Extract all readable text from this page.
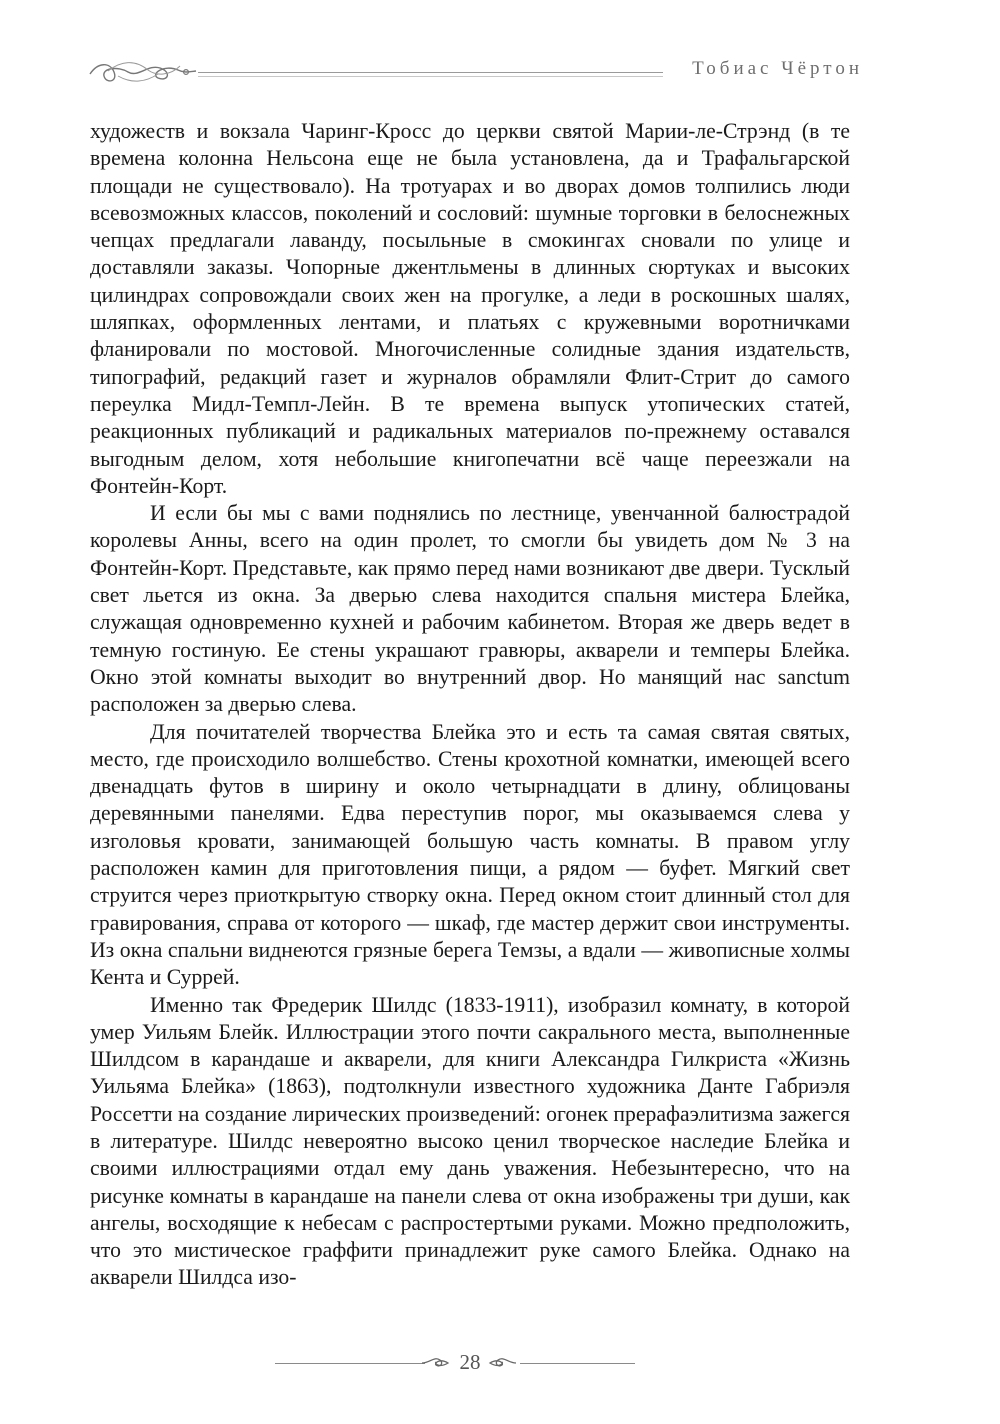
Тобиас Чёртон

художеств и вокзала Чаринг-Кросс до церкви святой Марии-ле-Стрэнд (в те времена колонна Нельсона еще не была установлена, да и Трафальгарской площади не существовало). На тротуарах и во дворах домов толпились люди всевозможных классов, поколений и сословий: шумные торговки в белоснежных чепцах предлагали лаванду, посыльные в смокингах сновали по улице и доставляли заказы. Чопорные джентльмены в длинных сюртуках и высоких цилиндрах сопровождали своих жен на прогулке, а леди в роскошных шалях, шляпках, оформленных лентами, и платьях с кружевными воротничками фланировали по мостовой. Многочисленные солидные здания издательств, типографий, редакций газет и журналов обрамляли Флит-Стрит до самого переулка Мидл-Темпл-Лейн. В те времена выпуск утопических статей, реакционных публикаций и радикальных материалов по-прежнему оставался выгодным делом, хотя небольшие книгопечатни всё чаще переезжали на Фонтейн-Корт.

И если бы мы с вами поднялись по лестнице, увенчанной балюстрадой королевы Анны, всего на один пролет, то смогли бы увидеть дом № 3 на Фонтейн-Корт. Представьте, как прямо перед нами возникают две двери. Тусклый свет льется из окна. За дверью слева находится спальня мистера Блейка, служащая одновременно кухней и рабочим кабинетом. Вторая же дверь ведет в темную гостиную. Ее стены украшают гравюры, акварели и темперы Блейка. Окно этой комнаты выходит во внутренний двор. Но манящий нас sanctum расположен за дверью слева.

Для почитателей творчества Блейка это и есть та самая святая святых, место, где происходило волшебство. Стены крохотной комнатки, имеющей всего двенадцать футов в ширину и около четырнадцати в длину, облицованы деревянными панелями. Едва переступив порог, мы оказываемся слева у изголовья кровати, занимающей большую часть комнаты. В правом углу расположен камин для приготовления пищи, а рядом — буфет. Мягкий свет струится через приоткрытую створку окна. Перед окном стоит длинный стол для гравирования, справа от которого — шкаф, где мастер держит свои инструменты. Из окна спальни виднеются грязные берега Темзы, а вдали — живописные холмы Кента и Суррей.

Именно так Фредерик Шилдс (1833-1911), изобразил комнату, в которой умер Уильям Блейк. Иллюстрации этого почти сакрального места, выполненные Шилдсом в карандаше и акварели, для книги Александра Гилкриста «Жизнь Уильяма Блейка» (1863), подтолкнули известного художника Данте Габриэля Россетти на создание лирических произведений: огонек прерафаэлитизма зажегся в литературе. Шилдс невероятно высоко ценил творческое наследие Блейка и своими иллюстрациями отдал ему дань уважения. Небезынтересно, что на рисунке комнаты в карандаше на панели слева от окна изображены три души, как ангелы, восходящие к небесам с распростертыми руками. Можно предположить, что это мистическое граффити принадлежит руке самого Блейка. Однако на акварели Шилдса изо-

28
